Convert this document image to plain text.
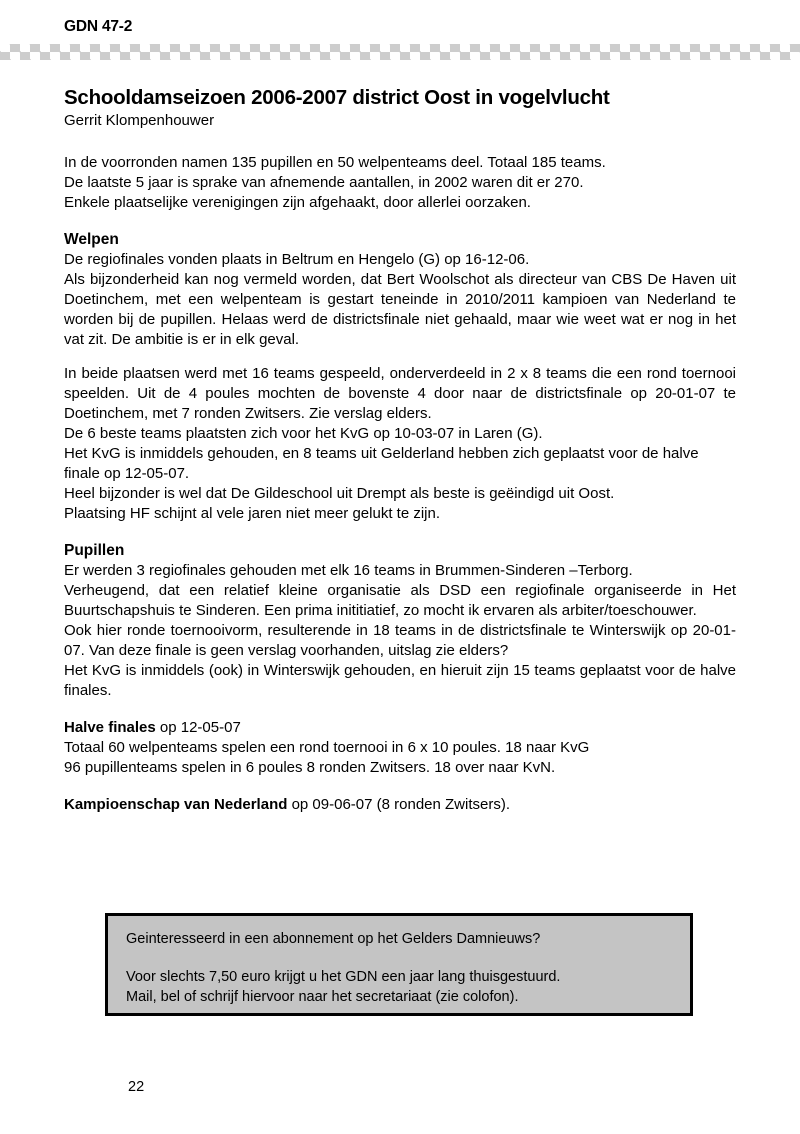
GDN 47-2
Schooldamseizoen 2006-2007 district Oost in vogelvlucht

Gerrit Klompenhouwer

In de voorronden namen 135 pupillen en 50 welpenteams deel. Totaal 185 teams.

De laatste 5 jaar is sprake van afnemende aantallen, in 2002 waren dit er 270.

Enkele plaatselijke verenigingen zijn afgehaakt, door allerlei oorzaken.

Welpen

De regiofinales vonden plaats in Beltrum en Hengelo (G) op 16-12-06.

Als bijzonderheid kan nog vermeld worden, dat Bert Woolschot als directeur van CBS De Haven uit Doetinchem, met een welpenteam is gestart teneinde in 2010/2011 kampioen van Nederland te worden bij de pupillen. Helaas werd de districtsfinale niet gehaald, maar wie weet wat er nog in het vat zit. De ambitie is er in elk geval.

In beide plaatsen werd met 16 teams gespeeld, onderverdeeld in 2 x 8 teams die een rond toernooi speelden. Uit de 4 poules mochten de bovenste 4 door naar de districtsfinale op 20-01-07 te Doetinchem, met 7 ronden Zwitsers. Zie verslag elders.

De 6 beste teams plaatsten zich voor het KvG op 10-03-07 in Laren (G).

Het KvG is inmiddels gehouden, en 8 teams uit Gelderland hebben zich geplaatst voor de halve finale op 12-05-07.

Heel bijzonder is wel dat De Gildeschool uit Drempt als beste is geëindigd uit Oost.

Plaatsing HF schijnt al vele jaren niet meer gelukt te zijn.

Pupillen

Er werden 3 regiofinales gehouden met elk 16 teams in Brummen-Sinderen –Terborg.

Verheugend, dat een relatief kleine organisatie als DSD een regiofinale organiseerde in Het Buurtschapshuis te Sinderen. Een prima inititiatief, zo mocht ik ervaren als arbiter/toeschouwer.

Ook hier ronde toernooivorm, resulterende in 18 teams in de districtsfinale te Winterswijk op 20-01-07. Van deze finale is geen verslag voorhanden, uitslag zie elders?

Het KvG is inmiddels (ook) in Winterswijk gehouden, en hieruit zijn 15 teams geplaatst voor de halve finales.

Halve finales op 12-05-07

Totaal 60 welpenteams spelen een rond toernooi in 6 x 10 poules. 18 naar KvG

96 pupillenteams spelen in 6 poules 8 ronden Zwitsers. 18 over naar KvN.

Kampioenschap van Nederland op 09-06-07 (8 ronden Zwitsers).

Geinteresseerd in een abonnement op het Gelders Damnieuws?

Voor slechts 7,50 euro krijgt u het GDN een jaar lang thuisgestuurd.

Mail, bel of schrijf hiervoor naar het secretariaat (zie colofon).

22
